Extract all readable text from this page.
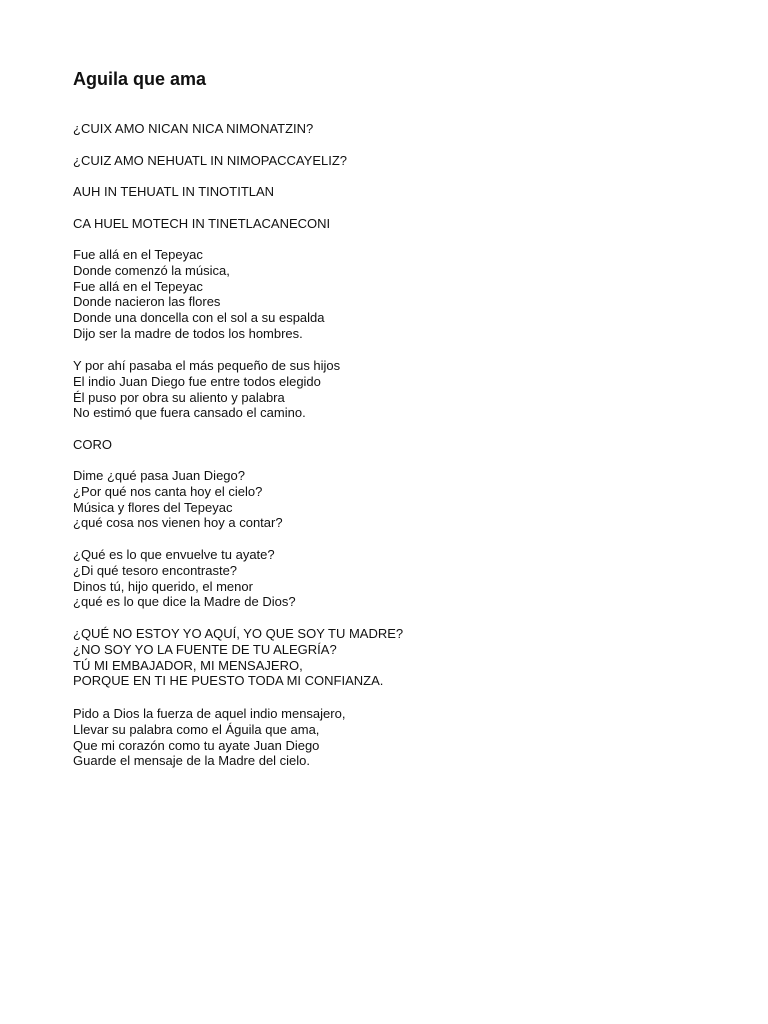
Aguila que ama

¿CUIX AMO NICAN NICA NIMONATZIN?

¿CUIZ AMO NEHUATL IN NIMOPACCAYELIZ?

AUH IN TEHUATL IN TINOTITLAN

CA HUEL MOTECH IN TINETLACANECONI

Fue allá en el Tepeyac
Donde comenzó la música,
Fue allá en el Tepeyac
Donde nacieron las flores
Donde una doncella con el sol a su espalda
Dijo ser la madre de todos los hombres.

Y por ahí pasaba el más pequeño de sus hijos
El indio Juan Diego fue entre todos elegido
Él puso por obra su aliento y palabra
No estimó que fuera cansado el camino.

CORO

Dime ¿qué pasa Juan Diego?
¿Por qué nos canta hoy el cielo?
Música y flores del Tepeyac
¿qué cosa nos vienen hoy a contar?

¿Qué es lo que envuelve tu ayate?
¿Di qué tesoro encontraste?
Dinos tú, hijo querido, el menor
¿qué es lo que dice la Madre de Dios?

¿QUÉ NO ESTOY YO AQUÍ, YO QUE SOY TU MADRE?
¿NO SOY YO LA FUENTE DE TU ALEGRÍA?
TÚ MI EMBAJADOR, MI MENSAJERO,
PORQUE EN TI HE PUESTO TODA MI CONFIANZA.

Pido a Dios la fuerza de aquel indio mensajero,
Llevar su palabra como el Águila que ama,
Que mi corazón como tu ayate Juan Diego
Guarde el mensaje de la Madre del cielo.
